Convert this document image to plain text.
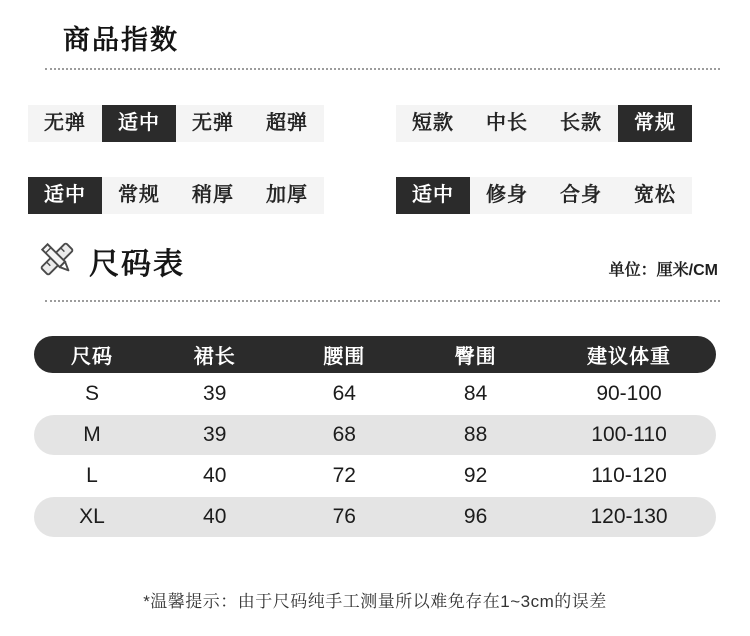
商品指数
无弹	适中	无弹	超弹	短款	中长	长款	常规
适中	常规	稍厚	加厚	适中	修身	合身	宽松
尺码表	单位：厘米/CM
尺码	裙长	腰围	臀围	建议体重
S	39	64	84	90-100
M	39	68	88	100-110
L	40	72	92	110-120
XL	40	76	96	120-130
*温馨提示：由于尺码纯手工测量所以难免存在1~3cm的误差
